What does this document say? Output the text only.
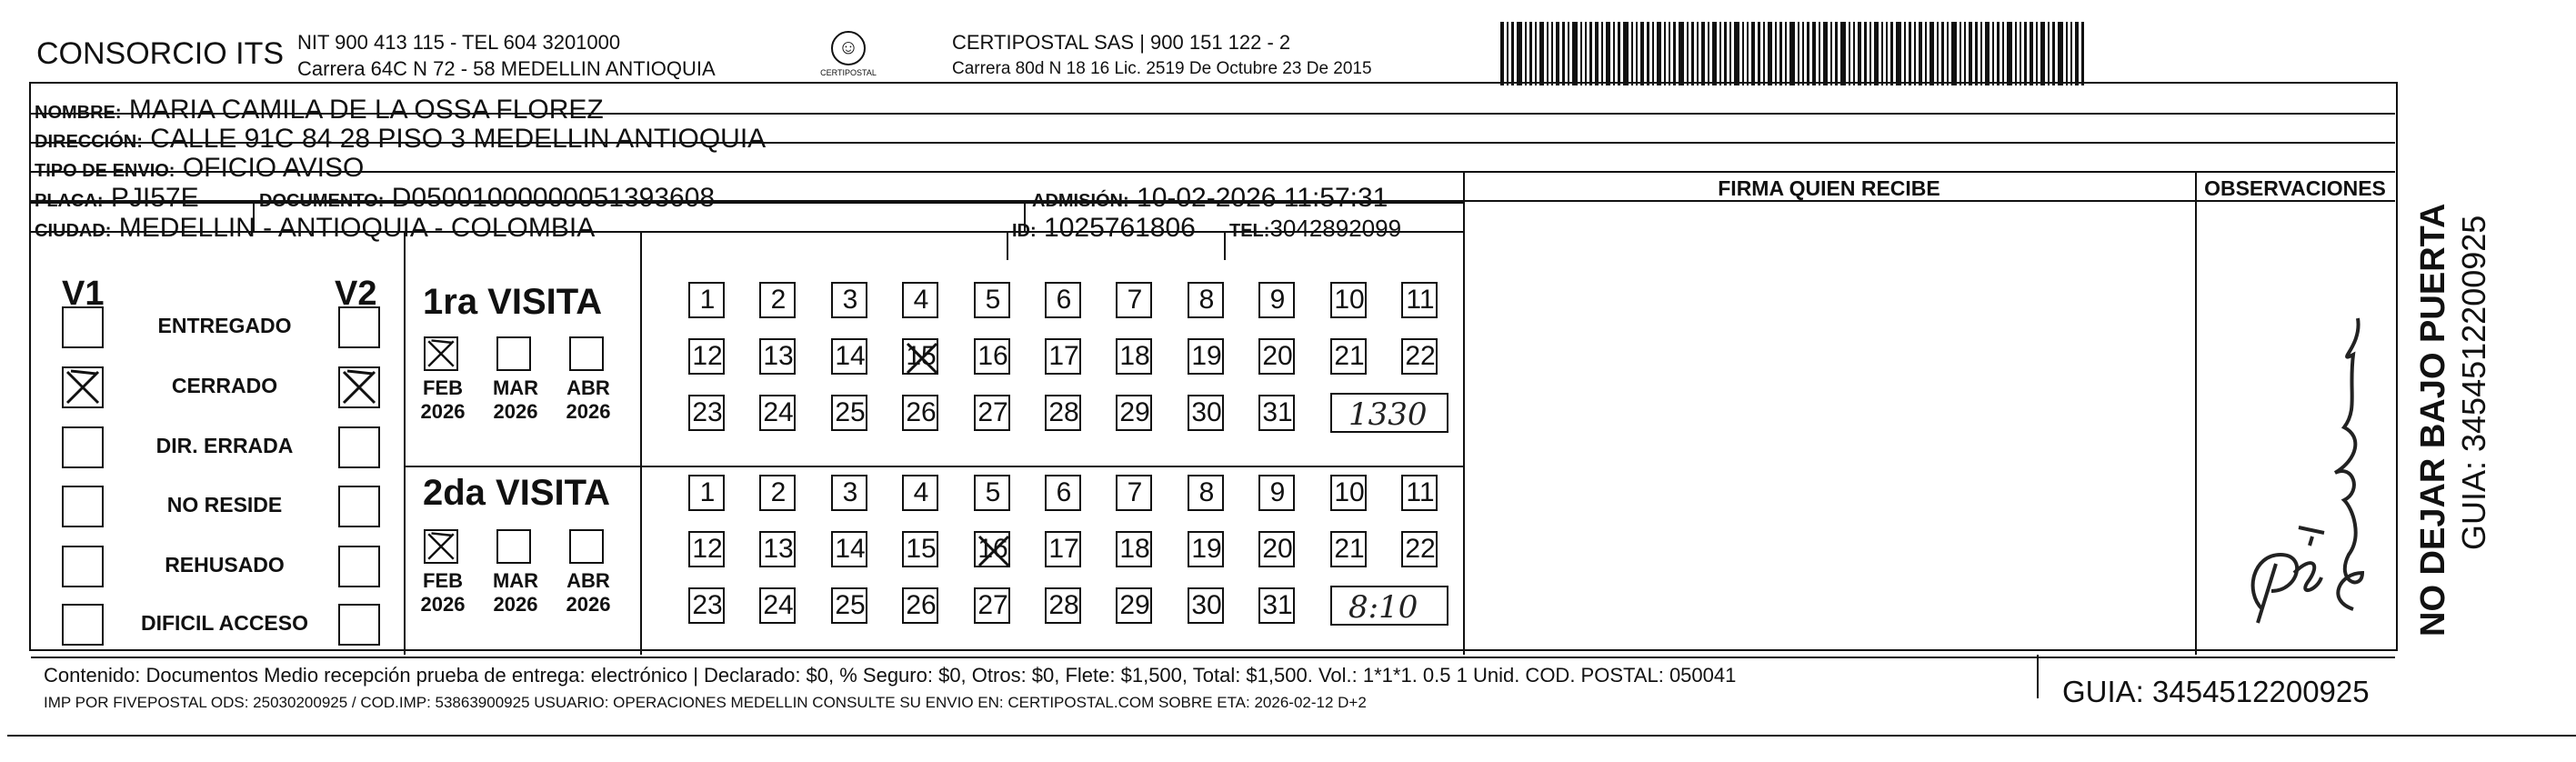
CONSORCIO ITS NIT 900 413 115 - TEL 604 3201000
Carrera 64C N 72 - 58 MEDELLIN ANTIOQUIA
☺
CERTIPOSTAL
CERTIPOSTAL SAS | 900 151 122 - 2
Carrera 80d N 18 16 Lic. 2519 De Octubre 23 De 2015
NOMBRE: MARIA CAMILA DE LA OSSA FLOREZ
DIRECCIÓN: CALLE 91C 84 28 PISO 3 MEDELLIN ANTIOQUIA
TIPO DE ENVIO: OFICIO AVISO
PLACA: PJI57E	DOCUMENTO: D05001000000051393608	ADMISIÓN: 10-02-2026 11:57:31
CIUDAD: MEDELLIN - ANTIOQUIA - COLOMBIA	ID: 1025761806 TEL:3042892099
FIRMA QUIEN RECIBE	OBSERVACIONES
V1	V2
ENTREGADO
CERRADO
DIR. ERRADA
NO RESIDE
REHUSADO
DIFICIL ACCESO
1ra VISITA
2da VISITA
FEB
2026
MAR
2026
ABR
2026
1	2	3	4	5	6	7	8	9	10 11
12 13 14 15 16 17 18 19 20 21 22
23 24 25 26 27 28 29 30 31 1330
FEB
2026
MAR
2026
ABR
2026
1	2	3	4	5	6	7	8	9	10 11
12 13 14 15 16 17 18 19 20 21 22
23 24 25 26 27 28 29 30 31 8:10	NO DEJAR BAJO PUERTA GUIA: 3454512200925
Contenido: Documentos Medio recepción prueba de entrega: electrónico | Declarado: $0, % Seguro: $0, Otros: $0, Flete: $1,500, Total: $1,500. Vol.: 1*1*1. 0.5 1 Unid. COD. POSTAL: 050041
IMP POR FIVEPOSTAL ODS: 25030200925 / COD.IMP: 53863900925 USUARIO: OPERACIONES MEDELLIN CONSULTE SU ENVIO EN: CERTIPOSTAL.COM SOBRE ETA: 2026-02-12 D+2	GUIA: 3454512200925
